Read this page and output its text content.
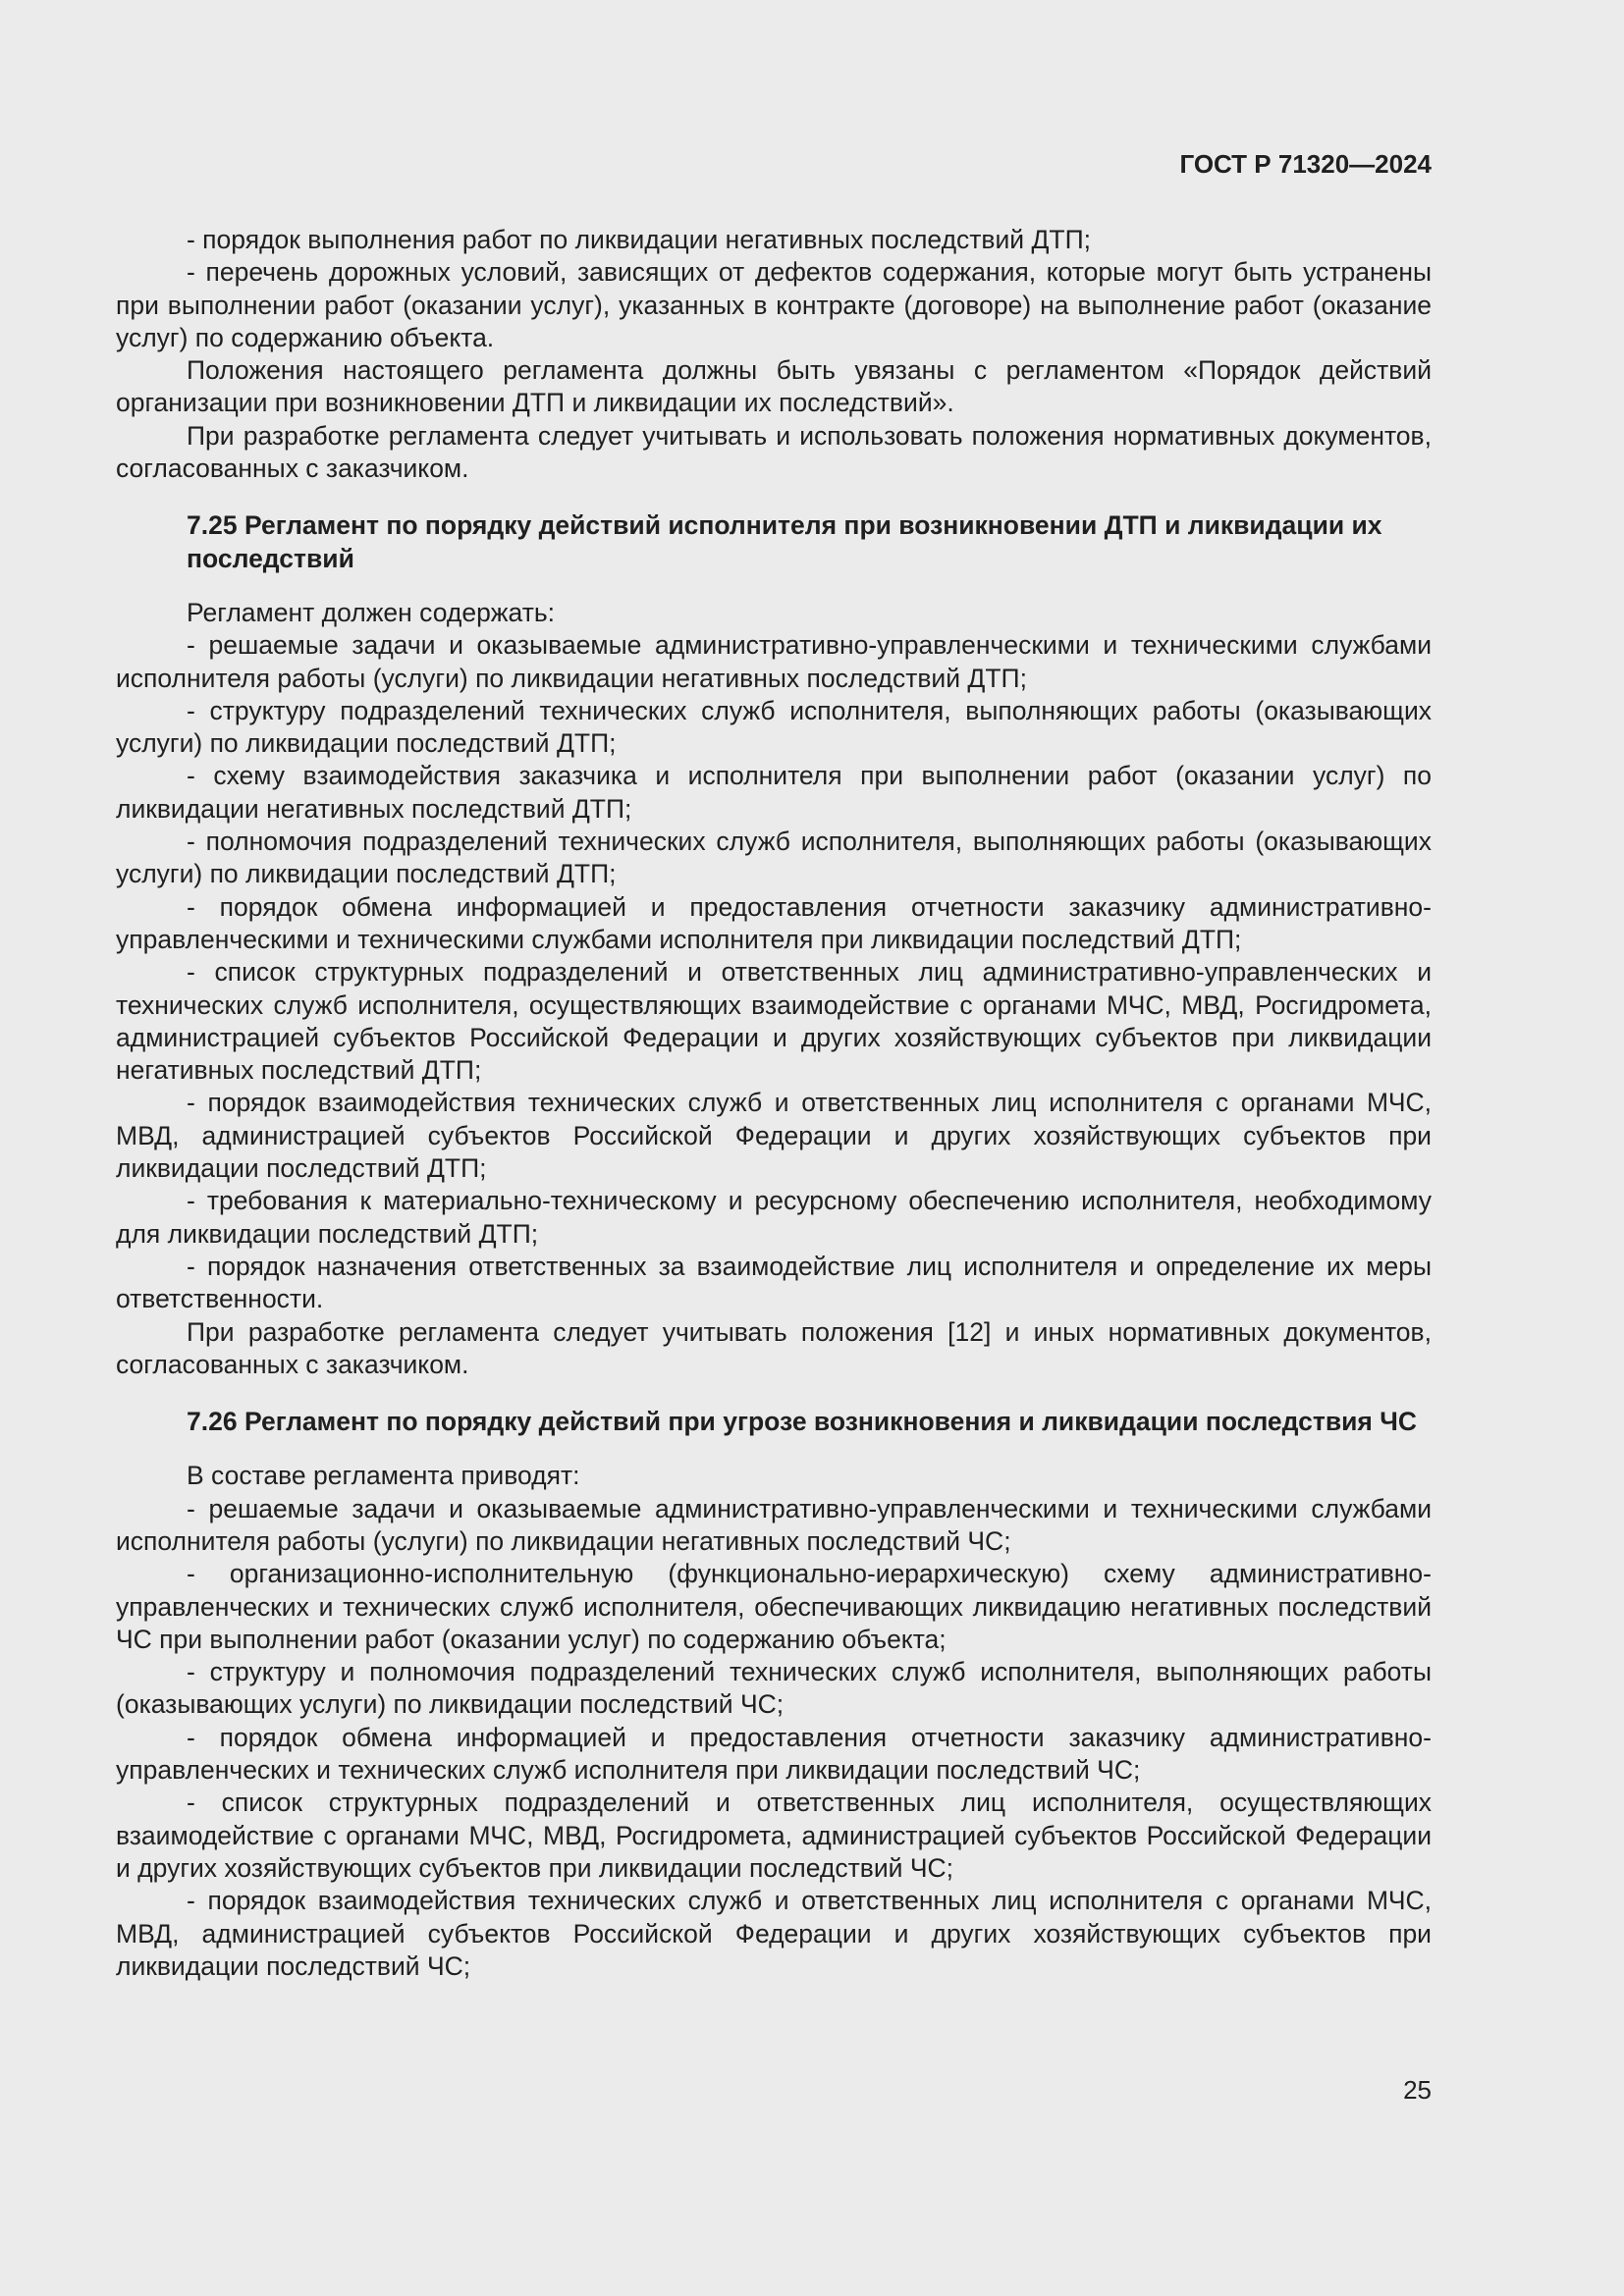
ГОСТ Р 71320—2024

- порядок выполнения работ по ликвидации негативных последствий ДТП;

- перечень дорожных условий, зависящих от дефектов содержания, которые могут быть устранены при выполнении работ (оказании услуг), указанных в контракте (договоре) на выполнение работ (оказание услуг) по содержанию объекта.

Положения настоящего регламента должны быть увязаны с регламентом «Порядок действий организации при возникновении ДТП и ликвидации их последствий».

При разработке регламента следует учитывать и использовать положения нормативных документов, согласованных с заказчиком.

7.25 Регламент по порядку действий исполнителя при возникновении ДТП и ликвидации их последствий

Регламент должен содержать:

- решаемые задачи и оказываемые административно-управленческими и техническими службами исполнителя работы (услуги) по ликвидации негативных последствий ДТП;

- структуру подразделений технических служб исполнителя, выполняющих работы (оказывающих услуги) по ликвидации последствий ДТП;

- схему взаимодействия заказчика и исполнителя при выполнении работ (оказании услуг) по ликвидации негативных последствий ДТП;

- полномочия подразделений технических служб исполнителя, выполняющих работы (оказывающих услуги) по ликвидации последствий ДТП;

- порядок обмена информацией и предоставления отчетности заказчику административно-управленческими и техническими службами исполнителя при ликвидации последствий ДТП;

- список структурных подразделений и ответственных лиц административно-управленческих и технических служб исполнителя, осуществляющих взаимодействие с органами МЧС, МВД, Росгидромета, администрацией субъектов Российской Федерации и других хозяйствующих субъектов при ликвидации негативных последствий ДТП;

- порядок взаимодействия технических служб и ответственных лиц исполнителя с органами МЧС, МВД, администрацией субъектов Российской Федерации и других хозяйствующих субъектов при ликвидации последствий ДТП;

- требования к материально-техническому и ресурсному обеспечению исполнителя, необходимому для ликвидации последствий ДТП;

- порядок назначения ответственных за взаимодействие лиц исполнителя и определение их меры ответственности.

При разработке регламента следует учитывать положения [12] и иных нормативных документов, согласованных с заказчиком.

7.26 Регламент по порядку действий при угрозе возникновения и ликвидации последствия ЧС

В составе регламента приводят:

- решаемые задачи и оказываемые административно-управленческими и техническими службами исполнителя работы (услуги) по ликвидации негативных последствий ЧС;

- организационно-исполнительную (функционально-иерархическую) схему административно-управленческих и технических служб исполнителя, обеспечивающих ликвидацию негативных последствий ЧС при выполнении работ (оказании услуг) по содержанию объекта;

- структуру и полномочия подразделений технических служб исполнителя, выполняющих работы (оказывающих услуги) по ликвидации последствий ЧС;

- порядок обмена информацией и предоставления отчетности заказчику административно-управленческих и технических служб исполнителя при ликвидации последствий ЧС;

- список структурных подразделений и ответственных лиц исполнителя, осуществляющих взаимодействие с органами МЧС, МВД, Росгидромета, администрацией субъектов Российской Федерации и других хозяйствующих субъектов при ликвидации последствий ЧС;

- порядок взаимодействия технических служб и ответственных лиц исполнителя с органами МЧС, МВД, администрацией субъектов Российской Федерации и других хозяйствующих субъектов при ликвидации последствий ЧС;

25
